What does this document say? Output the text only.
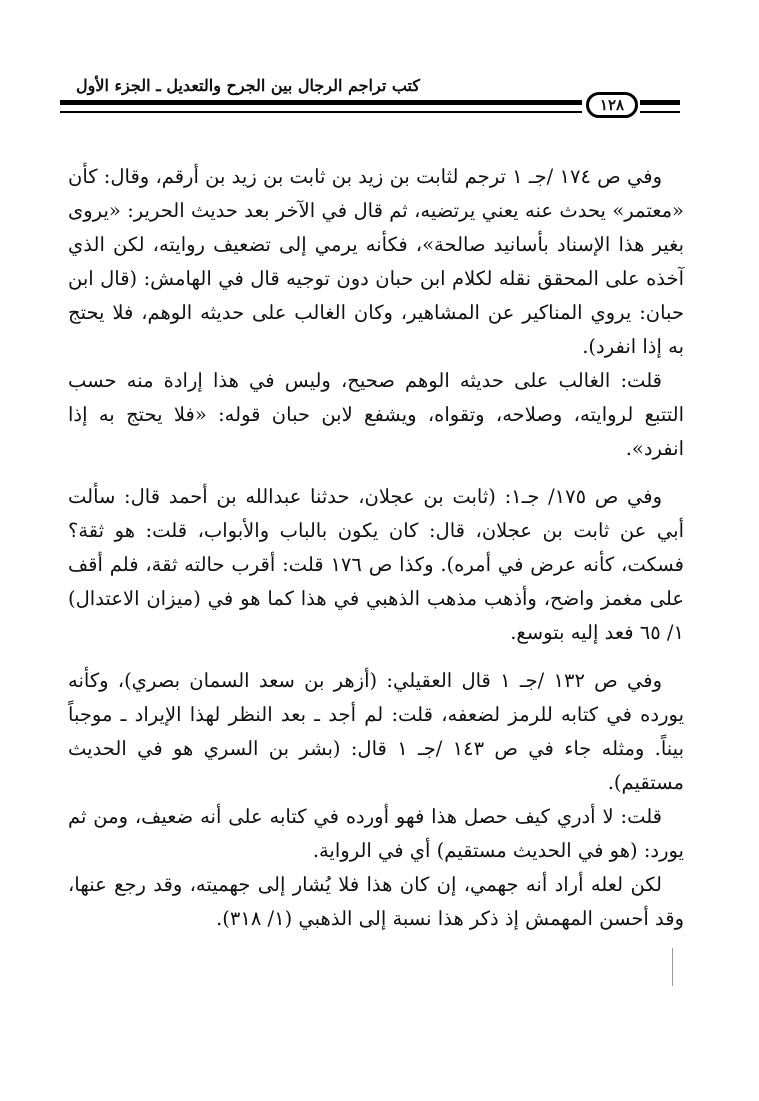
كتب تراجم الرجال بين الجرح والتعديل ـ الجزء الأول
١٢٨

وفي ص ١٧٤ /جـ ١ ترجم لثابت بن زيد بن ثابت بن زيد بن أرقم، وقال: كأن «معتمر» يحدث عنه يعني يرتضيه، ثم قال في الآخر بعد حديث الحرير: «يروى بغير هذا الإسناد بأسانيد صالحة»، فكأنه يرمي إلى تضعيف روايته، لكن الذي آخذه على المحقق نقله لكلام ابن حبان دون توجيه قال في الهامش: (قال ابن حبان: يروي المناكير عن المشاهير، وكان الغالب على حديثه الوهم، فلا يحتج به إذا انفرد).

قلت: الغالب على حديثه الوهم صحيح، وليس في هذا إرادة منه حسب التتبع لروايته، وصلاحه، وتقواه، ويشفع لابن حبان قوله: «فلا يحتج به إذا انفرد».

وفي ص ١٧٥/ جـ١: (ثابت بن عجلان، حدثنا عبدالله بن أحمد قال: سألت أبي عن ثابت بن عجلان، قال: كان يكون بالباب والأبواب، قلت: هو ثقة؟ فسكت، كأنه عرض في أمره). وكذا ص ١٧٦ قلت: أقرب حالته ثقة، فلم أقف على مغمز واضح، وأذهب مذهب الذهبي في هذا كما هو في (ميزان الاعتدال) ١/ ٦٥ فعد إليه بتوسع.

وفي ص ١٣٢ /جـ ١ قال العقيلي: (أزهر بن سعد السمان بصري)، وكأنه يورده في كتابه للرمز لضعفه، قلت: لم أجد ـ بعد النظر لهذا الإيراد ـ موجباً بيناً. ومثله جاء في ص ١٤٣ /جـ ١ قال: (بشر بن السري هو في الحديث مستقيم).

قلت: لا أدري كيف حصل هذا فهو أورده في كتابه على أنه ضعيف، ومن ثم يورد: (هو في الحديث مستقيم) أي في الرواية.

لكن لعله أراد أنه جهمي، إن كان هذا فلا يُشار إلى جهميته، وقد رجع عنها، وقد أحسن المهمش إذ ذكر هذا نسبة إلى الذهبي (١/ ٣١٨).
